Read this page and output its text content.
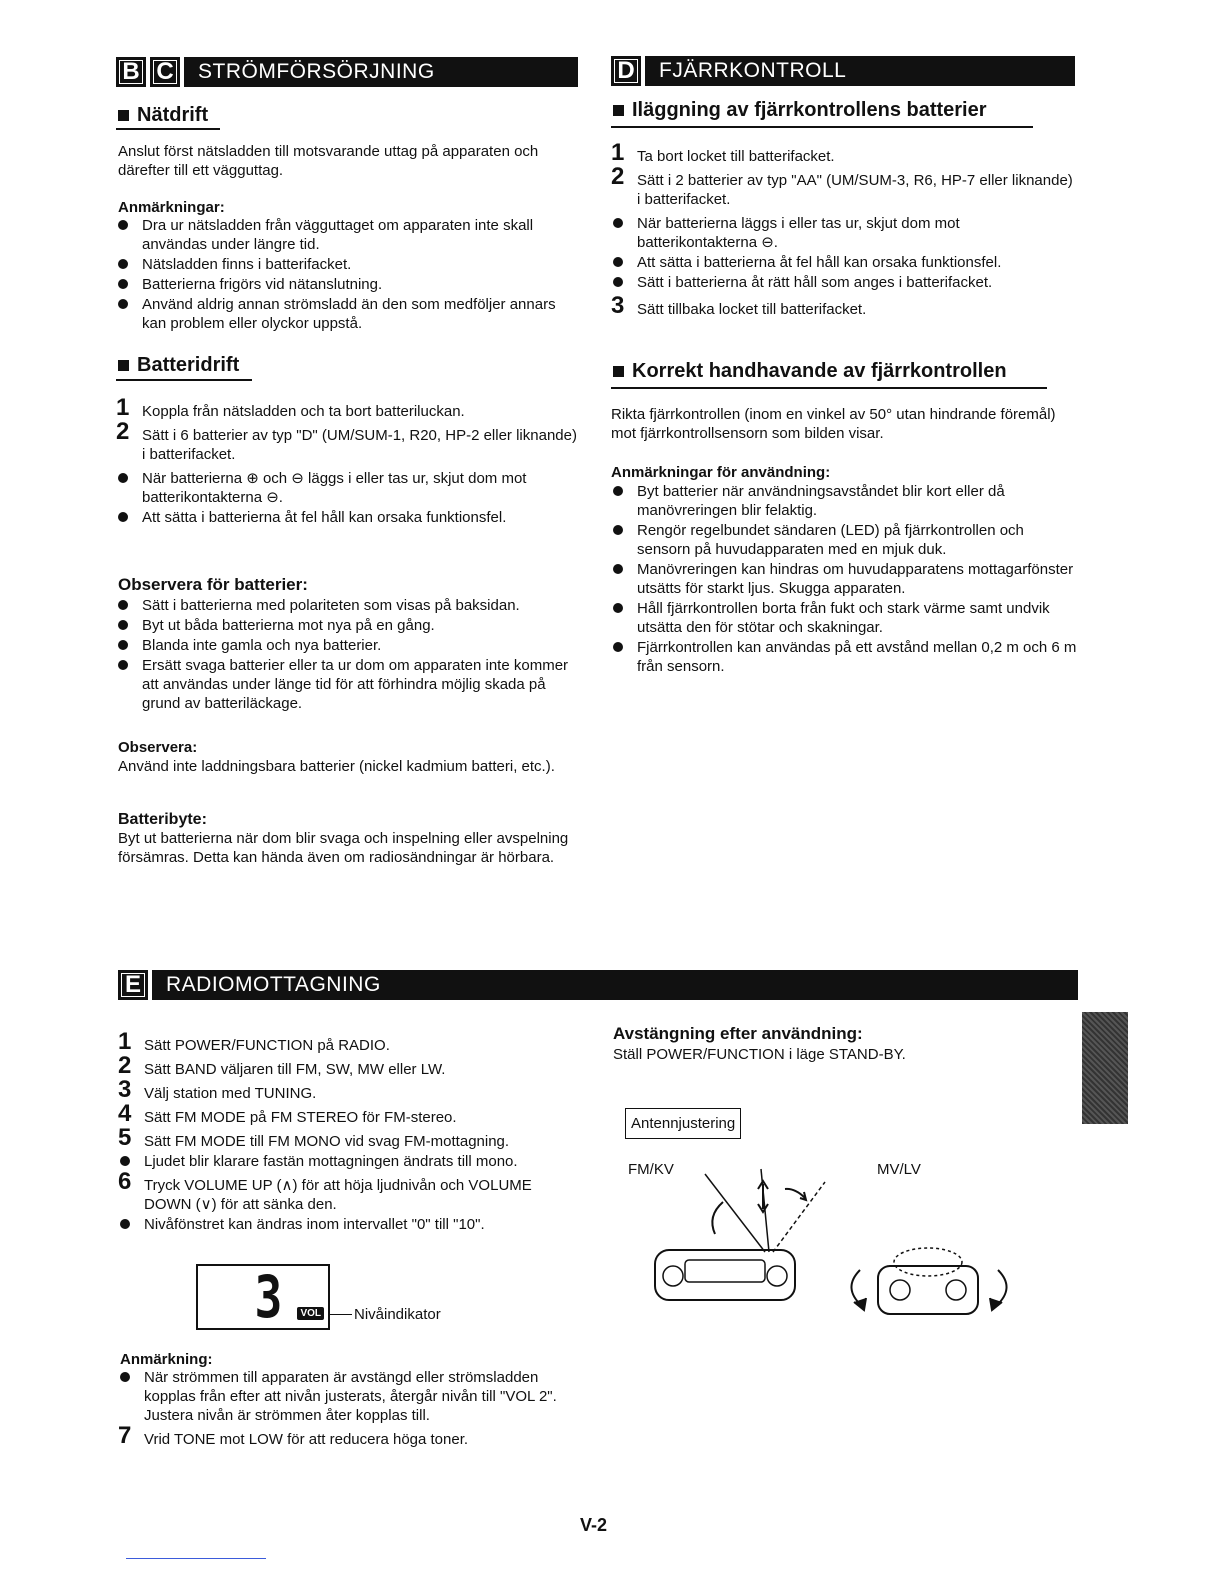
B C	STRÖMFÖRSÖRJNING
Nätdrift
Anslut först nätsladden till motsvarande uttag på apparaten och därefter till ett vägguttag.
Anmärkningar:
Dra ur nätsladden från vägguttaget om apparaten inte skall användas under längre tid.
Nätsladden finns i batterifacket.
Batterierna frigörs vid nätanslutning.
Använd aldrig annan strömsladd än den som medföljer annars kan problem eller olyckor uppstå.
Batteridrift
1 Koppla från nätsladden och ta bort batteriluckan.
2 Sätt i 6 batterier av typ "D" (UM/SUM-1, R20, HP-2 eller liknande) i batterifacket.
När batterierna ⊕ och ⊖ läggs i eller tas ur, skjut dom mot batterikontakterna ⊖.
Att sätta i batterierna åt fel håll kan orsaka funktionsfel.
Observera för batterier:
Sätt i batterierna med polariteten som visas på baksidan.
Byt ut båda batterierna mot nya på en gång.
Blanda inte gamla och nya batterier.
Ersätt svaga batterier eller ta ur dom om apparaten inte kommer att användas under länge tid för att förhindra möjlig skada på grund av batteriläckage.
Observera:
Använd inte laddningsbara batterier (nickel kadmium batteri, etc.).
Batteribyte:
Byt ut batterierna när dom blir svaga och inspelning eller avspelning försämras. Detta kan hända även om radiosändningar är hörbara.
D	FJÄRRKONTROLL
Iläggning av fjärrkontrollens batterier
1 Ta bort locket till batterifacket.
2 Sätt i 2 batterier av typ "AA" (UM/SUM-3, R6, HP-7 eller liknande) i batterifacket.
När batterierna läggs i eller tas ur, skjut dom mot batterikontakterna ⊖.
Att sätta i batterierna åt fel håll kan orsaka funktionsfel.
Sätt i batterierna åt rätt håll som anges i batterifacket.
3 Sätt tillbaka locket till batterifacket.
Korrekt handhavande av fjärrkontrollen
Rikta fjärrkontrollen (inom en vinkel av 50° utan hindrande föremål) mot fjärrkontrollsensorn som bilden visar.
Anmärkningar för användning:
Byt batterier när användningsavståndet blir kort eller då manövreringen blir felaktig.
Rengör regelbundet sändaren (LED) på fjärrkontrollen och sensorn på huvudapparaten med en mjuk duk.
Manövreringen kan hindras om huvudapparatens mottagarfönster utsätts för starkt ljus. Skugga apparaten.
Håll fjärrkontrollen borta från fukt och stark värme samt undvik utsätta den för stötar och skakningar.
Fjärrkontrollen kan användas på ett avstånd mellan 0,2 m och 6 m från sensorn.
E	RADIOMOTTAGNING
1 Sätt POWER/FUNCTION på RADIO.
2 Sätt BAND väljaren till FM, SW, MW eller LW.
3 Välj station med TUNING.
4 Sätt FM MODE på FM STEREO för FM-stereo.
5 Sätt FM MODE till FM MONO vid svag FM-mottagning.
Ljudet blir klarare fastän mottagningen ändrats till mono.
6 Tryck VOLUME UP (∧) för att höja ljudnivån och VOLUME DOWN (∨) för att sänka den.
Nivåfönstret kan ändras inom intervallet "0" till "10".
3	VOL Nivåindikator
Anmärkning:
När strömmen till apparaten är avstängd eller strömsladden kopplas från efter att nivån justerats, återgår nivån till "VOL 2". Justera nivån är strömmen åter kopplas till.
7 Vrid TONE mot LOW för att reducera höga toner.
Avstängning efter användning:
Ställ POWER/FUNCTION i läge STAND-BY.
Antennjustering
FM/KV	MV/LV
V-2
